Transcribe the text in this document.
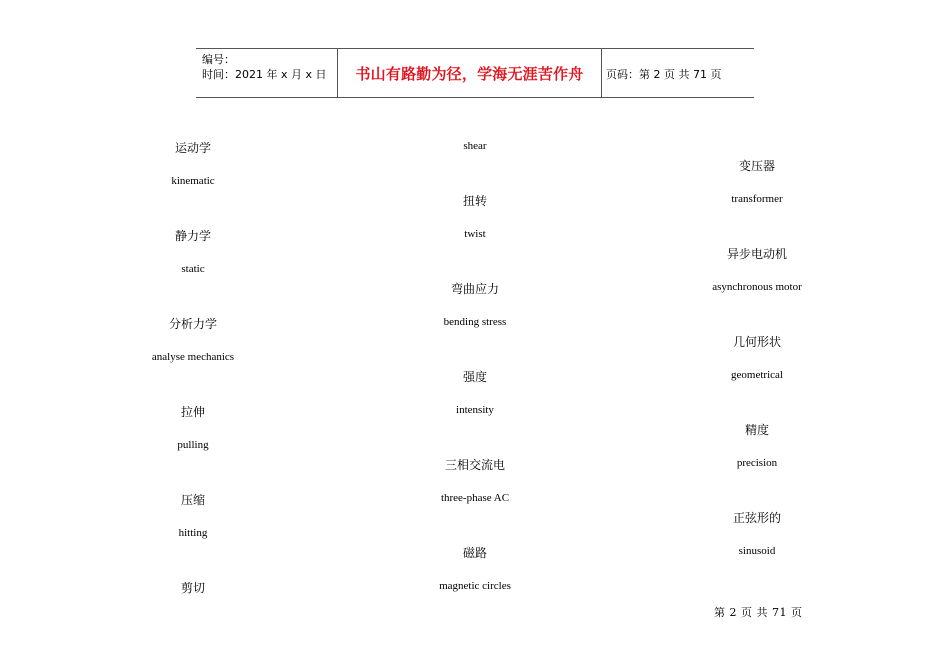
编号：
时间：2021 年 x 月 x 日	书山有路勤为径，学海无涯苦作舟	页码：第 2 页 共 71 页
运动学
kinematic
静力学
static
分析力学
analyse mechanics
拉伸
pulling
压缩
hitting
剪切
shear
扭转
twist
弯曲应力
bending stress
强度
intensity
三相交流电
three-phase AC
磁路
magnetic circles
变压器
transformer
异步电动机
asynchronous motor
几何形状
geometrical
精度
precision
正弦形的
sinusoid
第 2 页 共 71 页
